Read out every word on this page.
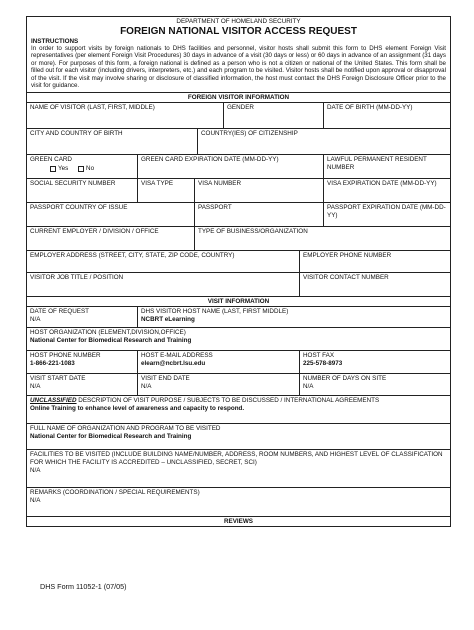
DEPARTMENT OF HOMELAND SECURITY
FOREIGN NATIONAL VISITOR ACCESS REQUEST
INSTRUCTIONS
In order to support visits by foreign nationals to DHS facilities and personnel, visitor hosts shall submit this form to DHS element Foreign Visit representatives (per element Foreign Visit Procedures) 30 days in advance of a visit (30 days or less) or 60 days in advance of an assignment (31 days or more). For purposes of this form, a foreign national is defined as a person who is not a citizen or national of the United States. This form shall be filled out for each visitor (including drivers, interpreters, etc.) and each program to be visited. Visitor hosts shall be notified upon approval or disapproval of the visit. If the visit may involve sharing or disclosure of classified information, the host must contact the DHS Foreign Disclosure Officer prior to the visit for guidance.
FOREIGN VISITOR INFORMATION
NAME OF VISITOR (LAST, FIRST, MIDDLE)	GENDER	DATE OF BIRTH (MM-DD-YY)
CITY AND COUNTRY OF BIRTH	COUNTRY(IES) OF CITIZENSHIP
GREEN CARD
Yes
	No
GREEN CARD EXPIRATION DATE (MM-DD-YY)	LAWFUL PERMANENT RESIDENT NUMBER
SOCIAL SECURITY NUMBER	VISA TYPE	VISA NUMBER	VISA EXPIRATION DATE (MM-DD-YY)
PASSPORT COUNTRY OF ISSUE	PASSPORT	PASSPORT EXPIRATION DATE (MM-DD-YY)
CURRENT EMPLOYER / DIVISION / OFFICE	TYPE OF BUSINESS/ORGANIZATION
EMPLOYER ADDRESS (STREET, CITY, STATE, ZIP CODE, COUNTRY)	EMPLOYER PHONE NUMBER
VISITOR JOB TITLE / POSITION	VISITOR CONTACT NUMBER
VISIT INFORMATION
DATE OF REQUEST
N/A
DHS VISITOR HOST NAME (LAST, FIRST MIDDLE)
NCBRT eLearning
HOST ORGANIZATION (ELEMENT,DIVISION,OFFICE)
National Center for Biomedical Research and Training
HOST PHONE NUMBER
1-866-221-1083
HOST E-MAIL ADDRESS
elearn@ncbrt.lsu.edu
HOST FAX
225-578-8973
VISIT START DATE
N/A
VISIT END DATE
N/A
NUMBER OF DAYS ON SITE
N/A
UNCLASSIFIED DESCRIPTION OF VISIT PURPOSE / SUBJECTS TO BE DISCUSSED / INTERNATIONAL AGREEMENTS
Online Training to enhance level of awareness and capacity to respond.
FULL NAME OF ORGANIZATION AND PROGRAM TO BE VISITED
National Center for Biomedical Research and Training
FACILITIES TO BE VISITED (INCLUDE BUILDING NAME/NUMBER, ADDRESS, ROOM NUMBERS, AND HIGHEST LEVEL OF CLASSIFICATION FOR WHICH THE FACILITY IS ACCREDITED – UNCLASSIFIED, SECRET, SCI)
N/A
REMARKS (COORDINATION / SPECIAL REQUIREMENTS)
N/A
REVIEWS
DHS Form 11052-1 (07/05)
